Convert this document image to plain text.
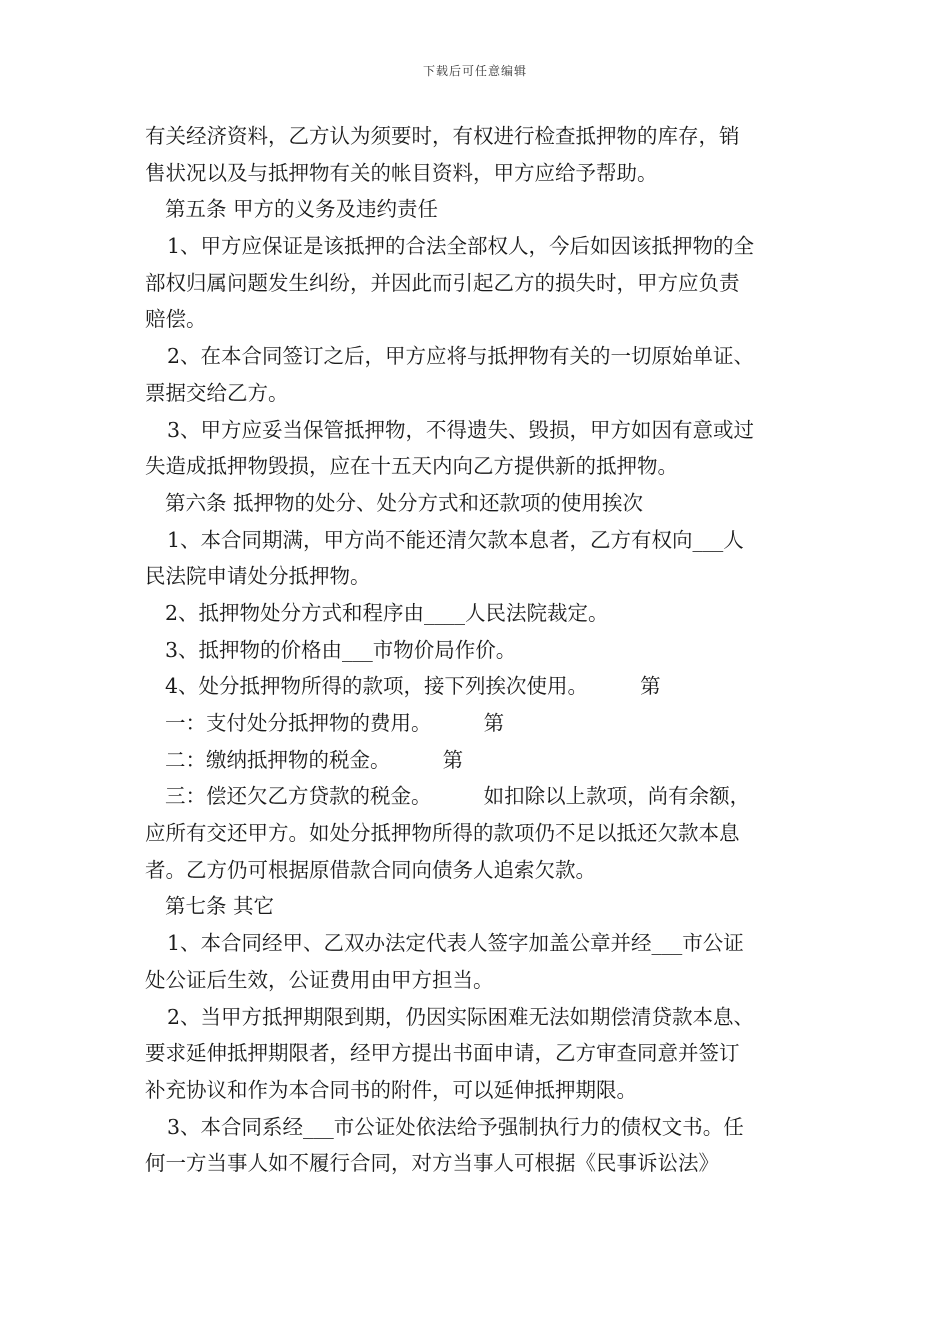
下载后可任意编辑
有关经济资料，乙方认为须要时，有权进行检查抵押物的库存，销
售状况以及与抵押物有关的帐目资料，甲方应给予帮助。
第五条 甲方的义务及违约责任
1、甲方应保证是该抵押的合法全部权人，今后如因该抵押物的全
部权归属问题发生纠纷，并因此而引起乙方的损失时，甲方应负责
赔偿。
2、在本合同签订之后，甲方应将与抵押物有关的一切原始单证、
票据交给乙方。
3、甲方应妥当保管抵押物，不得遗失、毁损，甲方如因有意或过
失造成抵押物毁损，应在十五天内向乙方提供新的抵押物。
第六条 抵押物的处分、处分方式和还款项的使用挨次
1、本合同期满，甲方尚不能还清欠款本息者，乙方有权向___人
民法院申请处分抵押物。
2、抵押物处分方式和程序由____人民法院裁定。
3、抵押物的价格由___市物价局作价。
4、处分抵押物所得的款项，接下列挨次使用。        第
一：支付处分抵押物的费用。        第
二：缴纳抵押物的税金。        第
三：偿还欠乙方贷款的税金。        如扣除以上款项，尚有余额，
应所有交还甲方。如处分抵押物所得的款项仍不足以抵还欠款本息
者。乙方仍可根据原借款合同向债务人追索欠款。
第七条 其它
1、本合同经甲、乙双办法定代表人签字加盖公章并经___市公证
处公证后生效，公证费用由甲方担当。
2、当甲方抵押期限到期，仍因实际困难无法如期偿清贷款本息、
要求延伸抵押期限者，经甲方提出书面申请，乙方审查同意并签订
补充协议和作为本合同书的附件，可以延伸抵押期限。
3、本合同系经___市公证处依法给予强制执行力的债权文书。任
何一方当事人如不履行合同，对方当事人可根据《民事诉讼法》
